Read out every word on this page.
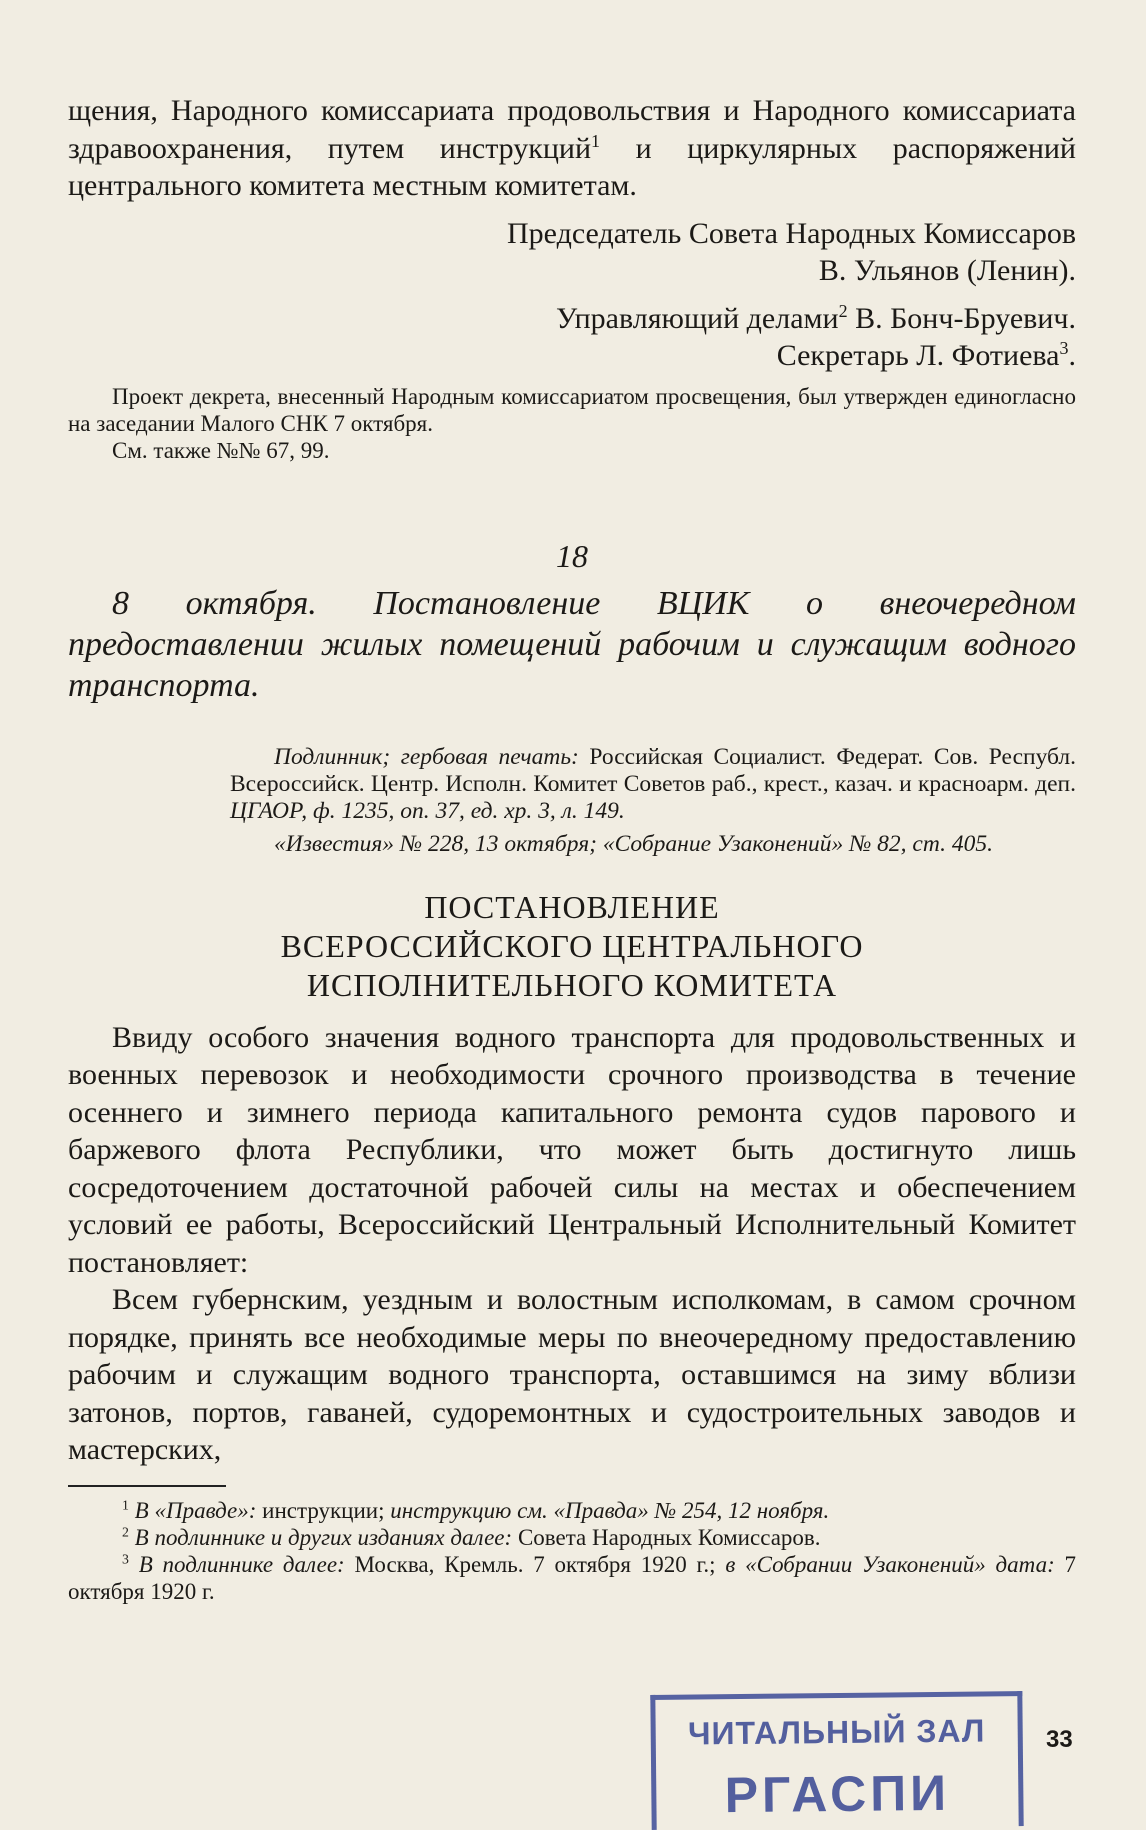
щения, Народного комиссариата продовольствия и Народного комиссариата здравоохранения, путем инструкций$^1$ и циркулярных распоряжений центрального комитета местным комитетам.

Председатель Совета Народных Комиссаров

В. Ульянов (Ленин).

Управляющий делами$^2$ В. Бонч-Бруевич.

Секретарь Л. Фотиева$^3$.

Проект декрета, внесенный Народным комиссариатом просвещения, был утвержден единогласно на заседании Малого СНК 7 октября.

См. также №№ 67, 99.

18

8 октября. Постановление ВЦИК о внеочередном предоставлении жилых помещений рабочим и служащим водного транспорта.

Подлинник; гербовая печать: Российская Социалист. Федерат. Сов. Республ. Всероссийск. Центр. Исполн. Комитет Советов раб., крест., казач. и красноарм. деп. ЦГАОР, ф. 1235, оп. 37, ед. хр. 3, л. 149.

«Известия» № 228, 13 октября; «Собрание Узаконений» № 82, ст. 405.

ПОСТАНОВЛЕНИЕ
ВСЕРОССИЙСКОГО ЦЕНТРАЛЬНОГО
ИСПОЛНИТЕЛЬНОГО КОМИТЕТА

Ввиду особого значения водного транспорта для продовольственных и военных перевозок и необходимости срочного производства в течение осеннего и зимнего периода капитального ремонта судов парового и баржевого флота Республики, что может быть достигнуто лишь сосредоточением достаточной рабочей силы на местах и обеспечением условий ее работы, Всероссийский Центральный Исполнительный Комитет постановляет:

Всем губернским, уездным и волостным исполкомам, в самом срочном порядке, принять все необходимые меры по внеочередному предоставлению рабочим и служащим водного транспорта, оставшимся на зиму вблизи затонов, портов, гаваней, судоремонтных и судостроительных заводов и мастерских,

$^1$ В «Правде»: инструкции; инструкцию см. «Правда» № 254, 12 ноября.

$^2$ В подлиннике и других изданиях далее: Совета Народных Комиссаров.

$^3$ В подлиннике далее: Москва, Кремль. 7 октября 1920 г.; в «Собрании Узаконений» дата: 7 октября 1920 г.

ЧИТАЛЬНЫЙ ЗАЛ
РГАСПИ
33
